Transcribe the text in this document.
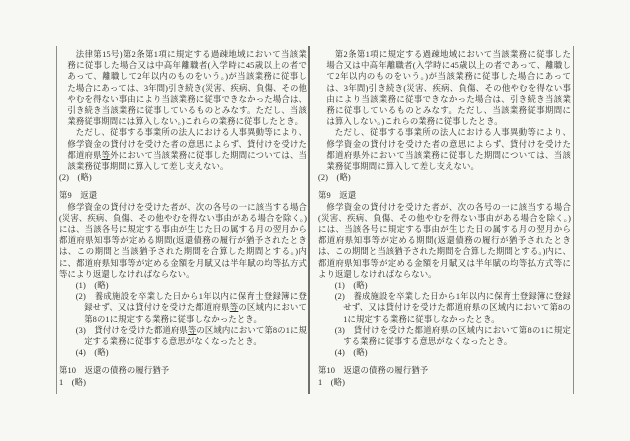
法律第15号)第2条第1項に規定する過疎地域において当該業務に従事した場合又は中高年離職者(入学時に45歳以上の者であって、離職して2年以内のものをいう。)が当該業務に従事した場合にあっては、3年間)引き続き(災害、疾病、負傷、その他やむを得ない事由により当該業務に従事できなかった場合は、引き続き当該業務に従事しているものとみなす。ただし、当該業務従事期間には算入しない。)これらの業務に従事したとき。
ただし、従事する事業所の法人における人事異動等により、修学資金の貸付けを受けた者の意思によらず、貸付けを受けた都道府県等外において当該業務に従事した期間については、当該業務従事期間に算入して差し支えない。
(2)　(略)
第9　返還
修学資金の貸付けを受けた者が、次の各号の一に該当する場合(災害、疾病、負傷、その他やむを得ない事由がある場合を除く。)には、当該各号に規定する事由が生じた日の属する月の翌月から都道府県知事等が定める期間(返還債務の履行が猶予されたときは、この期間と当該猶予された期間を合算した期間とする。)内に、都道府県知事等が定める金額を月賦又は半年賦の均等払方式等により返還しなければならない。
(1)　(略)
(2)　養成施設を卒業した日から1年以内に保育士登録簿に登録せず、又は貸付けを受けた都道府県等の区域内において第8の1に規定する業務に従事しなかったとき。
(3)　貸付けを受けた都道府県等の区域内において第8の1に規定する業務に従事する意思がなくなったとき。
(4)　(略)
第10　返還の債務の履行猶予
1　(略)
第2条第1項に規定する過疎地域において当該業務に従事した場合又は中高年離職者(入学時に45歳以上の者であって、離職して2年以内のものをいう。)が当該業務に従事した場合にあっては、3年間)引き続き(災害、疾病、負傷、その他やむを得ない事由により当該業務に従事できなかった場合は、引き続き当該業務に従事しているものとみなす。ただし、当該業務従事期間には算入しない。)これらの業務に従事したとき。
ただし、従事する事業所の法人における人事異動等により、修学資金の貸付けを受けた者の意思によらず、貸付けを受けた都道府県外において当該業務に従事した期間については、当該業務従事期間に算入して差し支えない。
(2)　(略)
第9　返還
修学資金の貸付けを受けた者が、次の各号の一に該当する場合(災害、疾病、負傷、その他やむを得ない事由がある場合を除く。)には、当該各号に規定する事由が生じた日の属する月の翌月から都道府県知事等が定める期間(返還債務の履行が猶予されたときは、この期間と当該猶予された期間を合算した期間とする。)内に、都道府県知事等が定める金額を月賦又は半年賦の均等払方式等により返還しなければならない。
(1)　(略)
(2)　養成施設を卒業した日から1年以内に保育士登録簿に登録せず、又は貸付けを受けた都道府県の区域内において第8の1に規定する業務に従事しなかったとき。
(3)　貸付けを受けた都道府県の区域内において第8の1に規定する業務に従事する意思がなくなったとき。
(4)　(略)
第10　返還の債務の履行猶予
1　(略)
